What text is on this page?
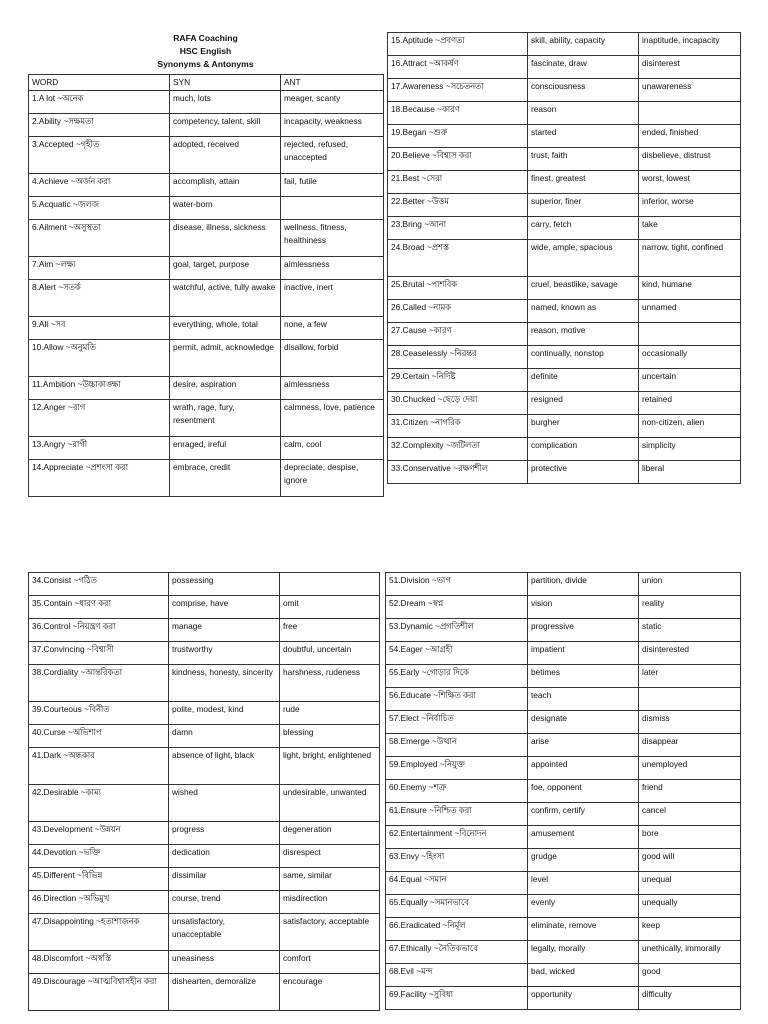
RAFA Coaching
HSC English
Synonyms & Antonyms
WORD	SYN	ANT
1.A lot ~অনেক	much, lots	meager, scanty
2.Ability ~সক্ষমতা	competency, talent, skill	incapacity, weakness
3.Accepted ~গৃহীত	adopted, received	rejected, refused, unaccepted
4.Achieve ~অর্জন করা	accomplish, attain	fail, futile
5.Acquatic ~জলজ	water-born	
6.Ailment ~অসুস্থতা	disease, illness, sickness	wellness, fitness, healthiness
7.Aim ~লক্ষ্য	goal, target, purpose	aimlessness
8.Alert ~সতর্ক	watchful, active, fully awake	inactive, inert
9.All ~সব	everything, whole, total	none, a few
10.Allow ~অনুমতি	permit, admit, acknowledge	disallow, forbid
11.Ambition ~উচ্চাকাঙ্ক্ষা	desire, aspiration	aimlessness
12.Anger ~রাগ	wrath, rage, fury, resentment	calmness, love, patience
13.Angry ~রাগী	enraged, ireful	calm, cool
14.Appreciate ~প্রশংসা করা	embrace, credit	depreciate, despise, ignore
15.Aptitude ~প্রবণতা	skill, ability, capacity	inaptitude, incapacity
16.Attract ~আকর্ষণ	fascinate, draw	disinterest
17.Awareness ~সচেতনতা	consciousness	unawareness
18.Because ~কারণ	reason	
19.Began ~শুরু	started	ended, finished
20.Believe ~বিশ্বাস করা	trust, faith	disbelieve, distrust
21.Best ~সেরা	finest, greatest	worst, lowest
22.Better ~উত্তম	superior, finer	inferior, worse
23.Bring ~আনা	carry, fetch	take
24.Broad ~প্রশস্ত	wide, ample, spacious	narrow, tight, confined
25.Brutal ~পাশবিক	cruel, beastlike, savage	kind, humane
26.Called ~নামক	named, known as	unnamed
27.Cause ~কারণ	reason, motive	
28.Ceaselessly ~নিরন্তর	continually, nonstop	occasionally
29.Certain ~নির্দিষ্ট	definite	uncertain
30.Chucked ~ছেড়ে দেয়া	resigned	retained
31.Citizen ~নাগরিক	burgher	non-citizen, alien
32.Complexity ~জটিলতা	complication	simplicity
33.Conservative ~রক্ষণশীল	protective	liberal
34.Consist ~গঠিত	possessing	
35.Contain ~ধারণ করা	comprise, have	omit
36.Control ~নিয়ন্ত্রণ করা	manage	free
37.Convincing ~বিশ্বাসী	trustworthy	doubtful, uncertain
38.Cordiality ~আন্তরিকতা	kindness, honesty, sincerity	harshness, rudeness
39.Courteous ~বিনীত	polite, modest, kind	rude
40.Curse ~অভিশাপ	damn	blessing
41.Dark ~অন্ধকার	absence of light, black	light, bright, enlightened
42.Desirable ~কাম্য	wished	undesirable, unwanted
43.Development ~উন্নয়ন	progress	degeneration
44.Devotion ~ভক্তি	dedication	disrespect
45.Different ~বিভিন্ন	dissimilar	same, similar
46.Direction ~অভিমুখ	course, trend	misdirection
47.Disappointing ~হতাশাজনক	unsatisfactory, unacceptable	satisfactory, acceptable
48.Discomfort ~অস্বস্তি	uneasiness	comfort
49.Discourage ~আত্মবিশ্বাসহীন করা	dishearten, demoralize	encourage
51.Division ~ভাগ	partition, divide	union
52.Dream ~স্বপ্ন	vision	reality
53.Dynamic ~প্রগতিশীল	progressive	static
54.Eager ~আগ্রহী	impatient	disinterested
55.Early ~গোড়ার দিকে	betimes	later
56.Educate ~শিক্ষিত করা	teach	
57.Elect ~নির্বাচিত	designate	dismiss
58.Emerge ~উত্থান	arise	disappear
59.Employed ~নিযুক্ত	appointed	unemployed
60.Enemy ~শত্রু	foe, opponent	friend
61.Ensure ~নিশ্চিত করা	confirm, certify	cancel
62.Entertainment ~বিনোদন	amusement	bore
63.Envy ~হিংসা	grudge	good will
64.Equal ~সমান	level	unequal
65.Equally ~সমানভাবে	evenly	unequally
66.Eradicated ~নির্মূল	eliminate, remove	keep
67.Ethically ~নৈতিকভাবে	legally, morally	unethically, immorally
68.Evil ~মন্দ	bad, wicked	good
69.Facility ~সুবিধা	opportunity	difficulty
